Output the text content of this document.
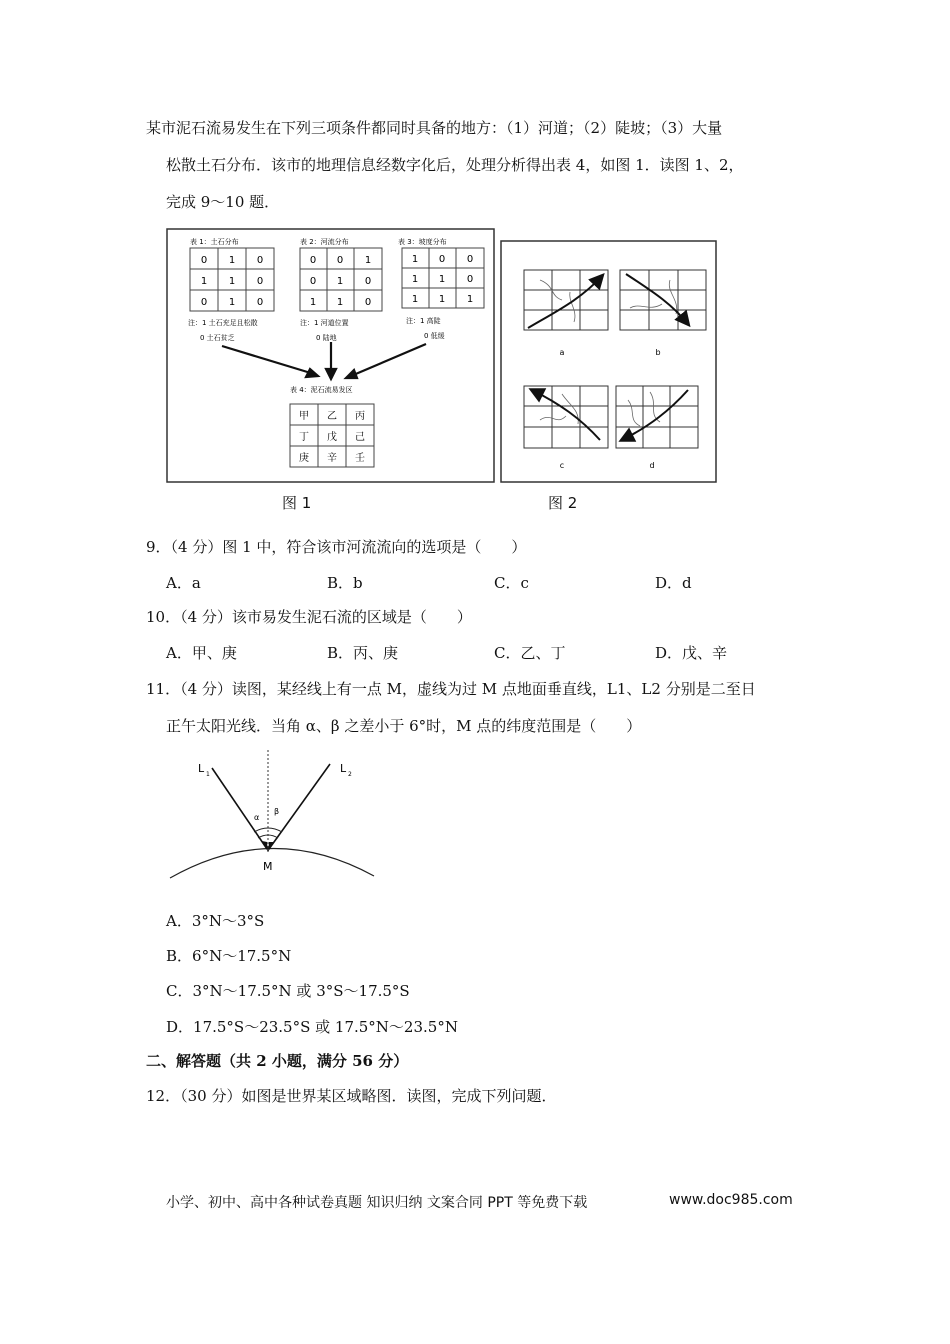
某市泥石流易发生在下列三项条件都同时具备的地方：（1）河道；（2）陡坡；（3）大量
松散土石分布．该市的地理信息经数字化后，处理分析得出表 4，如图 1．读图 1、2，
完成 9～10 题．
表 1：土石分布
0 1 0
1 1 0
0 1 0
注：1 土石充足且松散
0 土石贫乏
表 2：河流分布
0 0 1
0 1 0
1 1 0
注：1 河道位置
0 陆地
表 3：坡度分布
1 0 0
1 1 0
1 1 1
注：1 高陡
0 低缓
表 4：泥石流易发区
甲 乙 丙
丁 戊 己
庚 辛 壬
图 1
a	b
c	d
图 2
9．（4 分）图 1 中，符合该市河流流向的选项是（　　）
A．a	B．b	C．c	D．d
10．（4 分）该市易发生泥石流的区域是（　　）
A．甲、庚	B．丙、庚	C．乙、丁	D．戊、辛
11．（4 分）读图，某经线上有一点 M，虚线为过 M 点地面垂直线，L1、L2 分别是二至日
正午太阳光线．当角 α、β 之差小于 6°时，M 点的纬度范围是（　　）
L 1	L 2
α
β
M
A．3°N～3°S
B．6°N～17.5°N
C．3°N～17.5°N 或 3°S～17.5°S
D．17.5°S～23.5°S 或 17.5°N～23.5°N
二、解答题（共 2 小题，满分 56 分）
12．（30 分）如图是世界某区域略图．读图，完成下列问题．
小学、初中、高中各种试卷真题 知识归纳 文案合同 PPT 等免费下载	www.doc985.com
